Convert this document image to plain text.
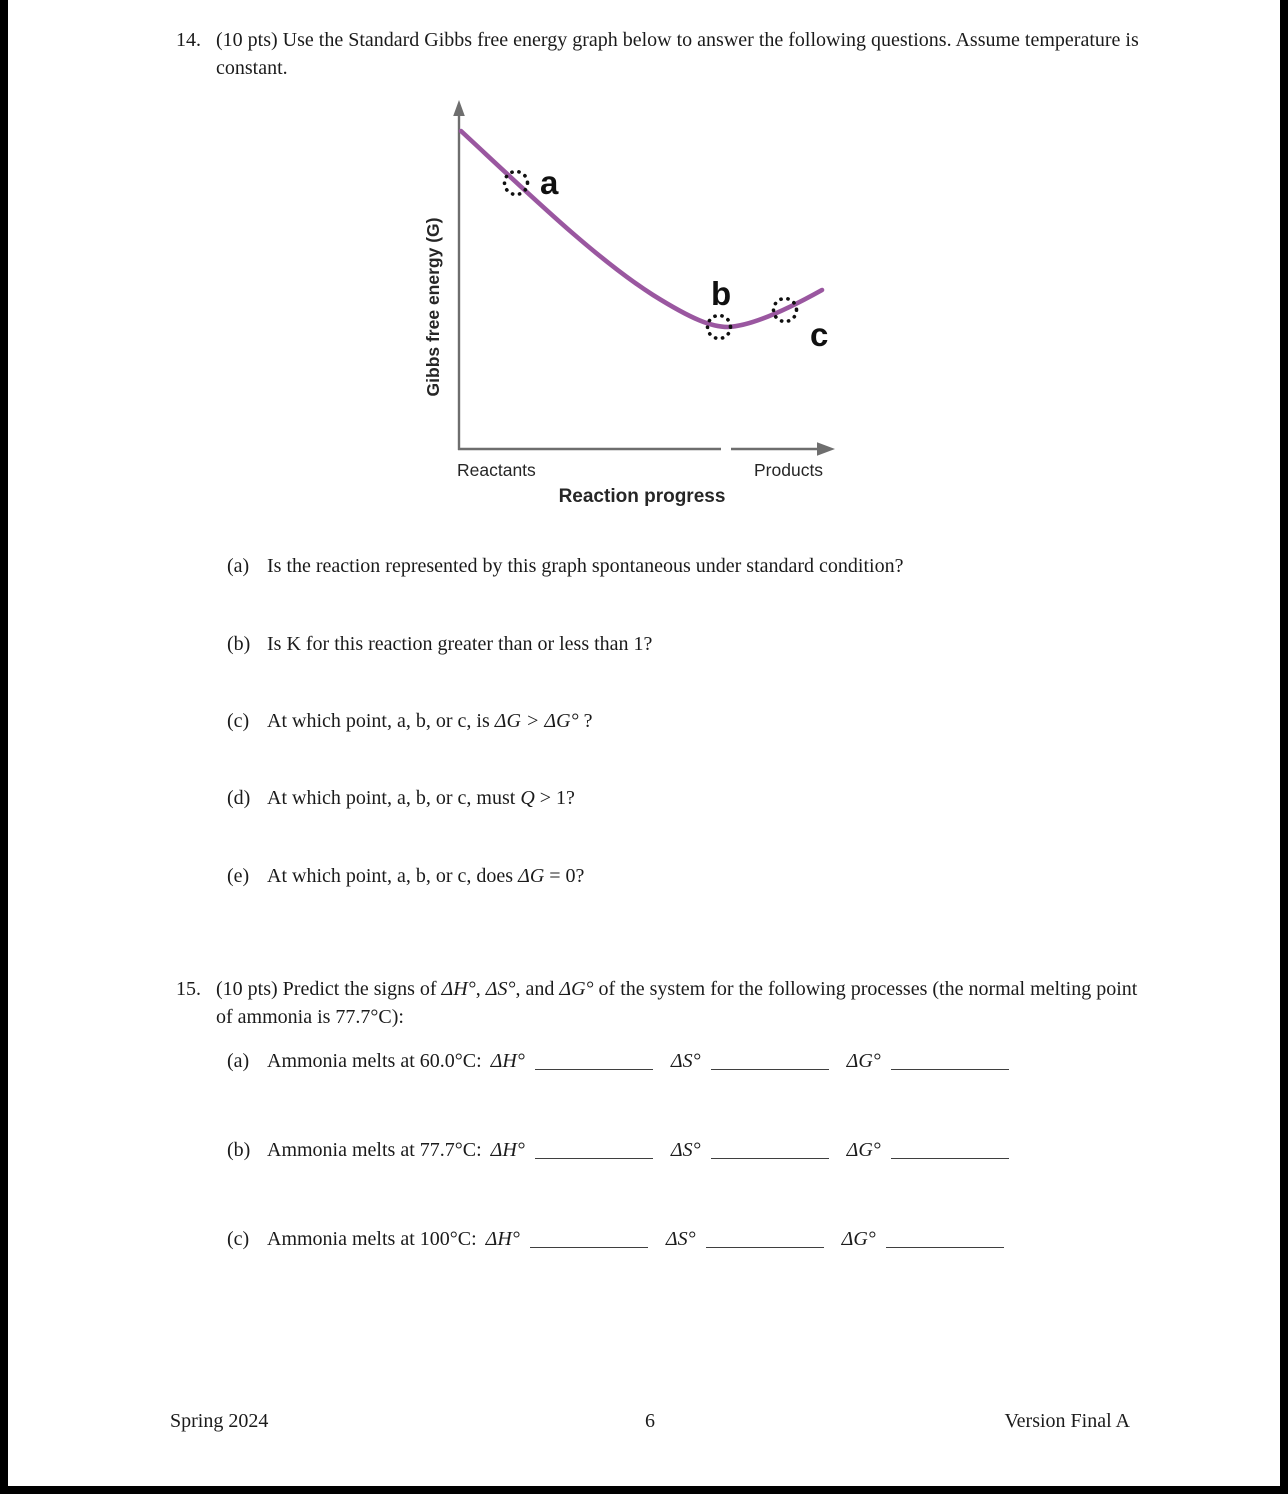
14. (10 pts) Use the Standard Gibbs free energy graph below to answer the following questions. Assume temperature is constant.
a
b
c
Gibbs free energy (G)
Reactants	Products
Reaction progress
(a) Is the reaction represented by this graph spontaneous under standard condition?
(b) Is K for this reaction greater than or less than 1?
(c) At which point, a, b, or c, is ΔG > ΔG° ?
(d) At which point, a, b, or c, must Q > 1?
(e) At which point, a, b, or c, does ΔG = 0?
15. (10 pts) Predict the signs of ΔH°, ΔS°, and ΔG° of the system for the following processes (the normal melting point of ammonia is 77.7°C):
(a) Ammonia melts at 60.0°C: ΔH°	ΔS°	ΔG°
(b) Ammonia melts at 77.7°C: ΔH°	ΔS°	ΔG°
(c) Ammonia melts at 100°C: ΔH°	ΔS°	ΔG°
Spring 2024	6	Version Final A
